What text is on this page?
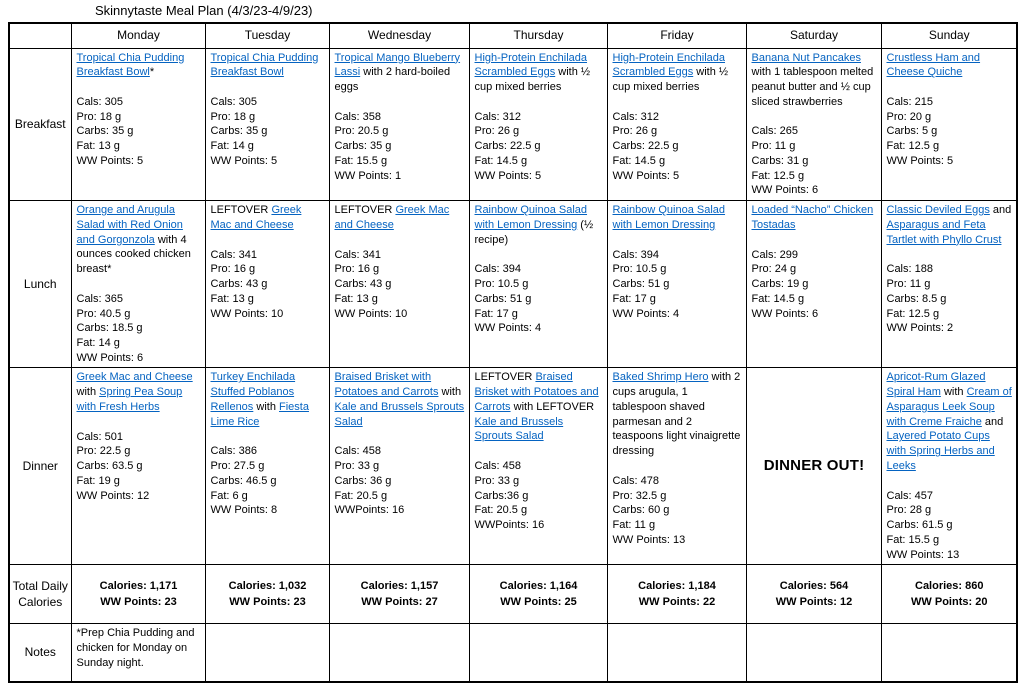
Skinnytaste Meal Plan (4/3/23-4/9/23)
	Monday	Tuesday	Wednesday	Thursday	Friday	Saturday	Sunday
Breakfast	
Tropical Chia Pudding Breakfast Bowl*
Cals: 305
Pro: 18 g
Carbs: 35 g
Fat: 13 g
WW Points: 5

Tropical Chia Pudding Breakfast Bowl
Cals: 305
Pro: 18 g
Carbs: 35 g
Fat: 14 g
WW Points: 5

Tropical Mango Blueberry Lassi with 2 hard-boiled eggs
Cals: 358
Pro: 20.5 g
Carbs: 35 g
Fat: 15.5 g
WW Points: 1

High-Protein Enchilada Scrambled Eggs with ½ cup mixed berries
Cals: 312
Pro: 26 g
Carbs: 22.5 g
Fat: 14.5 g
WW Points: 5

High-Protein Enchilada Scrambled Eggs with ½ cup mixed berries
Cals: 312
Pro: 26 g
Carbs: 22.5 g
Fat: 14.5 g
WW Points: 5

Banana Nut Pancakes with 1 tablespoon melted peanut butter and ½ cup sliced strawberries
Cals: 265
Pro: 11 g
Carbs: 31 g
Fat: 12.5 g
WW Points: 6

Crustless Ham and Cheese Quiche
Cals: 215
Pro: 20 g
Carbs: 5 g
Fat: 12.5 g
WW Points: 5

Lunch	
Orange and Arugula Salad with Red Onion and Gorgonzola with 4 ounces cooked chicken breast*
Cals: 365
Pro: 40.5 g
Carbs: 18.5 g
Fat: 14 g
WW Points: 6

LEFTOVER Greek Mac and Cheese
Cals: 341
Pro: 16 g
Carbs: 43 g
Fat: 13 g
WW Points: 10

LEFTOVER Greek Mac and Cheese
Cals: 341
Pro: 16 g
Carbs: 43 g
Fat: 13 g
WW Points: 10

Rainbow Quinoa Salad with Lemon Dressing (½ recipe)
Cals: 394
Pro: 10.5 g
Carbs: 51 g
Fat: 17 g
WW Points: 4

Rainbow Quinoa Salad with Lemon Dressing
Cals: 394
Pro: 10.5 g
Carbs: 51 g
Fat: 17 g
WW Points: 4

Loaded “Nacho” Chicken Tostadas
Cals: 299
Pro: 24 g
Carbs: 19 g
Fat: 14.5 g
WW Points: 6

Classic Deviled Eggs and Asparagus and Feta Tartlet with Phyllo Crust
Cals: 188
Pro: 11 g
Carbs: 8.5 g
Fat: 12.5 g
WW Points: 2

Dinner	
Greek Mac and Cheese with Spring Pea Soup with Fresh Herbs
Cals: 501
Pro: 22.5 g
Carbs: 63.5 g
Fat: 19 g
WW Points: 12

Turkey Enchilada Stuffed Poblanos Rellenos with Fiesta Lime Rice
Cals: 386
Pro: 27.5 g
Carbs: 46.5 g
Fat: 6 g
WW Points: 8

Braised Brisket with Potatoes and Carrots with Kale and Brussels Sprouts Salad
Cals: 458
Pro: 33 g
Carbs: 36 g
Fat: 20.5 g
WWPoints: 16

LEFTOVER Braised Brisket with Potatoes and Carrots with LEFTOVER Kale and Brussels Sprouts Salad
Cals: 458
Pro: 33 g
Carbs:36 g
Fat: 20.5 g
WWPoints: 16

Baked Shrimp Hero with 2 cups arugula, 1 tablespoon shaved parmesan and 2 teaspoons light vinaigrette dressing
Cals: 478
Pro: 32.5 g
Carbs: 60 g
Fat: 11 g
WW Points: 13

DINNER OUT!

Apricot-Rum Glazed Spiral Ham with Cream of Asparagus Leek Soup with Creme Fraiche and Layered Potato Cups with Spring Herbs and Leeks
Cals: 457
Pro: 28 g
Carbs: 61.5 g
Fat: 15.5 g
WW Points: 13

Total Daily Calories	
Calories: 1,171
WW Points: 23

Calories: 1,032
WW Points: 23

Calories: 1,157
WW Points: 27

Calories: 1,164
WW Points: 25

Calories: 1,184
WW Points: 22

Calories: 564
WW Points: 12

Calories: 860
WW Points: 20

Notes	*Prep Chia Pudding and chicken for Monday on Sunday night.						
